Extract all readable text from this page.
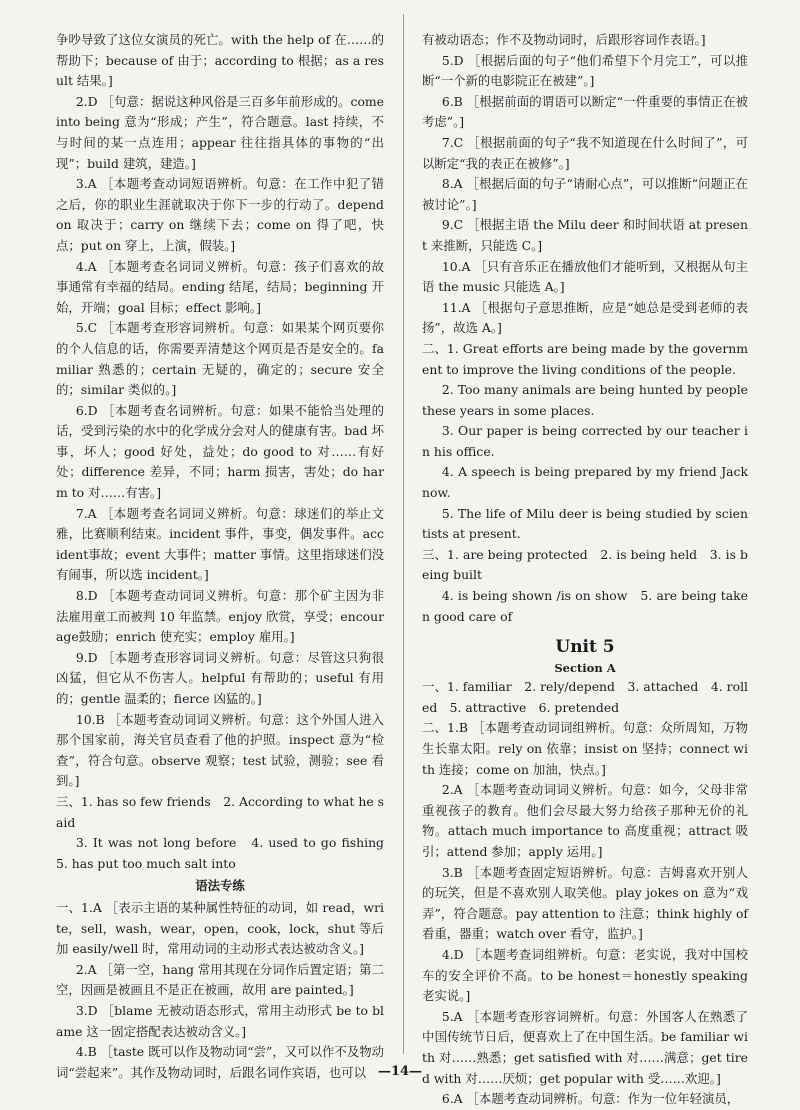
争吵导致了这位女演员的死亡。with the help of 在……的帮助下；because of 由于；according to 根据；as a result 结果。]

2.D ［句意：据说这种风俗是三百多年前形成的。come into being 意为“形成；产生”，符合题意。last 持续，不与时间的某一点连用；appear 往往指具体的事物的“出现”；build 建筑，建造。]

3.A ［本题考查动词短语辨析。句意：在工作中犯了错之后，你的职业生涯就取决于你下一步的行动了。depend on 取决于；carry on 继续下去；come on 得了吧，快点；put on 穿上，上演，假装。]

4.A ［本题考查名词词义辨析。句意：孩子们喜欢的故事通常有幸福的结局。ending 结尾，结局；beginning 开始，开端；goal 目标；effect 影响。]

5.C ［本题考查形容词辨析。句意：如果某个网页要你的个人信息的话，你需要弄清楚这个网页是否是安全的。familiar 熟悉的；certain 无疑的，确定的；secure 安全的；similar 类似的。]

6.D ［本题考查名词辨析。句意：如果不能恰当处理的话，受到污染的水中的化学成分会对人的健康有害。bad 坏事，坏人；good 好处，益处；do good to 对……有好处；difference 差异，不同；harm 损害，害处；do harm to 对……有害。]

7.A ［本题考查名词词义辨析。句意：球迷们的举止文雅，比赛顺利结束。incident 事件，事变，偶发事件。accident事故；event 大事件；matter 事情。这里指球迷们没有闹事，所以选 incident。]

8.D ［本题考查动词词义辨析。句意：那个矿主因为非法雇用童工而被判 10 年监禁。enjoy 欣赏，享受；encourage鼓励；enrich 使充实；employ 雇用。]

9.D ［本题考查形容词词义辨析。句意：尽管这只狗很凶猛，但它从不伤害人。helpful 有帮助的；useful 有用的；gentle 温柔的；fierce 凶猛的。]

10.B ［本题考查动词词义辨析。句意：这个外国人进入那个国家前，海关官员查看了他的护照。inspect 意为“检查”，符合句意。observe 观察；test 试验，测验；see 看到。]

三、1. has so few friends　2. According to what he said

3. It was not long before　4. used to go fishing　5. has put too much salt into

语法专练

一、1.A ［表示主语的某种属性特征的动词，如 read，write，sell，wash，wear，open，cook，lock，shut 等后加 easily/well 时，常用动词的主动形式表达被动含义。]

2.A ［第一空，hang 常用其现在分词作后置定语；第二空，因画是被画且不是正在被画，故用 are painted。]

3.D ［blame 无被动语态形式，常用主动形式 be to blame 这一固定搭配表达被动含义。]

4.B ［taste 既可以作及物动词“尝”，又可以作不及物动词“尝起来”。其作及物动词时，后跟名词作宾语，也可以

有被动语态；作不及物动词时，后跟形容词作表语。]

5.D ［根据后面的句子“他们希望下个月完工”，可以推断“一个新的电影院正在被建”。]

6.B ［根据前面的谓语可以断定“一件重要的事情正在被考虑”。]

7.C ［根据前面的句子“我不知道现在什么时间了”，可以断定“我的表正在被修”。]

8.A ［根据后面的句子“请耐心点”，可以推断“问题正在被讨论”。]

9.C ［根据主语 the Milu deer 和时间状语 at present 来推断，只能选 C。]

10.A ［只有音乐正在播放他们才能听到，又根据从句主语 the music 只能选 A。]

11.A ［根据句子意思推断，应是“她总是受到老师的表扬”，故选 A。]

二、1. Great efforts are being made by the government to improve the living conditions of the people.

2. Too many animals are being hunted by people these years in some places.

3. Our paper is being corrected by our teacher in his office.

4. A speech is being prepared by my friend Jack now.

5. The life of Milu deer is being studied by scientists at present.

三、1. are being protected　2. is being held　3. is being built

4. is being shown /is on show　5. are being taken good care of

Unit 5

Section A

一、1. familiar　2. rely/depend　3. attached　4. rolled　5. attractive　6. pretended

二、1.B ［本题考查动词词组辨析。句意：众所周知，万物生长靠太阳。rely on 依靠；insist on 坚持；connect with 连接；come on 加油，快点。]

2.A ［本题考查动词词义辨析。句意：如今，父母非常重视孩子的教育。他们会尽最大努力给孩子那种无价的礼物。attach much importance to 高度重视；attract 吸引；attend 参加；apply 运用。]

3.B ［本题考查固定短语辨析。句意：吉姆喜欢开别人的玩笑，但是不喜欢别人取笑他。play jokes on 意为“戏弄”，符合题意。pay attention to 注意；think highly of 看重，器重；watch over 看守，监护。]

4.D ［本题考查词组辨析。句意：老实说，我对中国校车的安全评价不高。to be honest＝honestly speaking 老实说。]

5.A ［本题考查形容词辨析。句意：外国客人在熟悉了中国传统节日后，便喜欢上了在中国生活。be familiar with 对……熟悉；get satisfied with 对……满意；get tired with 对……厌烦；get popular with 受……欢迎。]

6.A ［本题考查动词辨析。句意：作为一位年轻演员，

—14—
